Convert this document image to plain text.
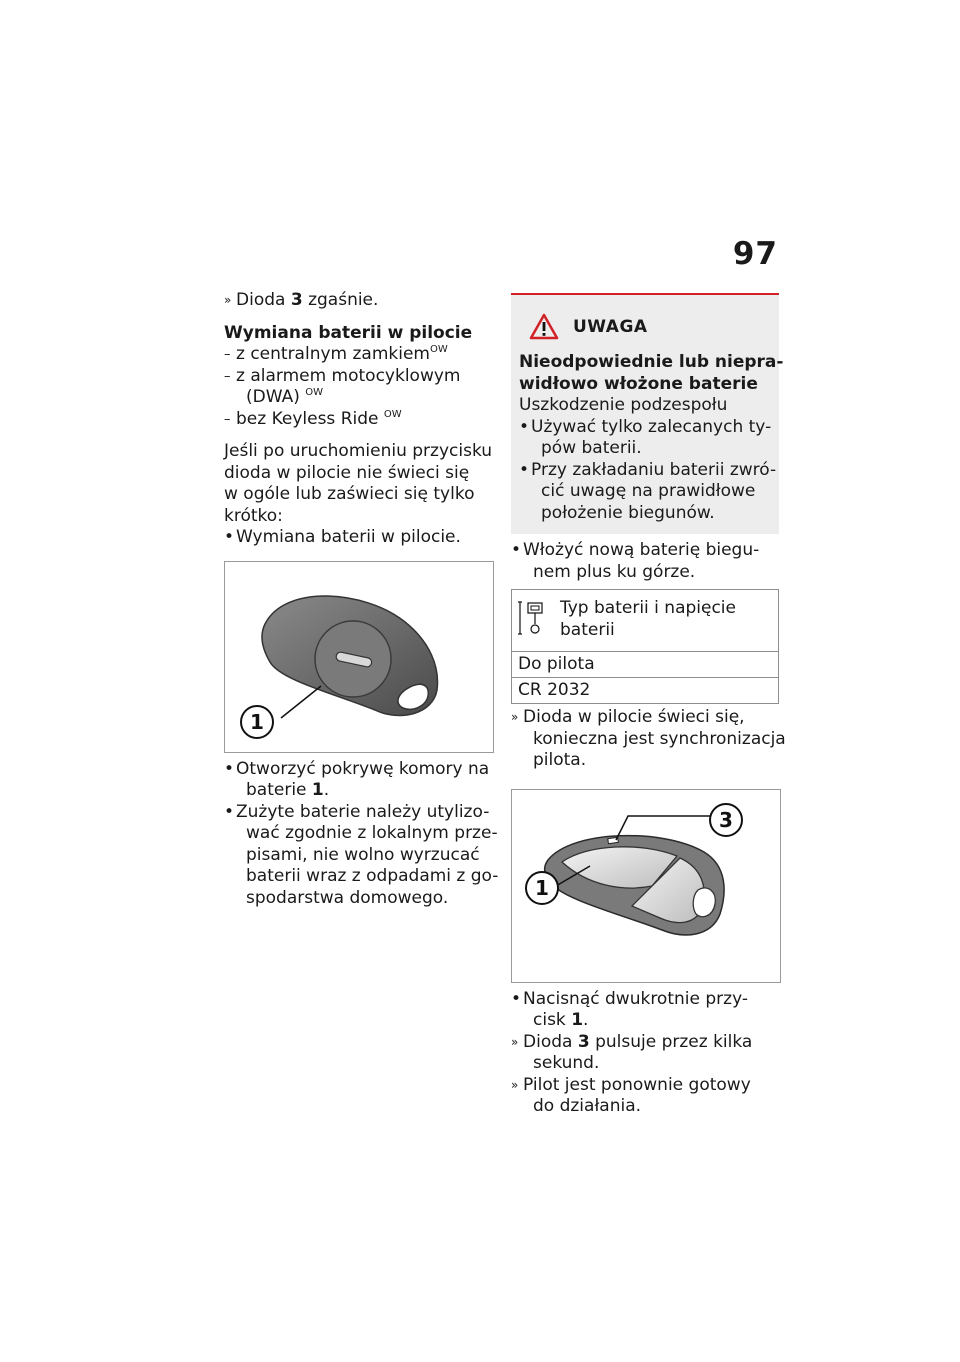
97

» Dioda 3 zgaśnie.

Wymiana baterii w pilocie

– z centralnym zamkiem$^{OW}$

– z alarmem motocyklowym

(DWA) $^{OW}$

– bez Keyless Ride $^{OW}$

Jeśli po uruchomieniu przycisku

dioda w pilocie nie świeci się

w ogóle lub zaświeci się tylko

krótko:

• Wymiana baterii w pilocie.

1

• Otworzyć pokrywę komory na

baterie 1.

• Zużyte baterie należy utylizo-

wać zgodnie z lokalnym prze-

pisami, nie wolno wyrzucać

baterii wraz z odpadami z go-

spodarstwa domowego.

UWAGA

Nieodpowiednie lub niepra-

widłowo włożone baterie

Uszkodzenie podzespołu

• Używać tylko zalecanych ty-

pów baterii.

• Przy zakładaniu baterii zwró-

cić uwagę na prawidłowe

położenie biegunów.

• Włożyć nową baterię biegu-

nem plus ku górze.

Typ baterii i napięcie

baterii

Do pilota
CR 2032

» Dioda w pilocie świeci się,

konieczna jest synchronizacja

pilota.

3
1

• Nacisnąć dwukrotnie przy-

cisk 1.

» Dioda 3 pulsuje przez kilka

sekund.

» Pilot jest ponownie gotowy

do działania.
